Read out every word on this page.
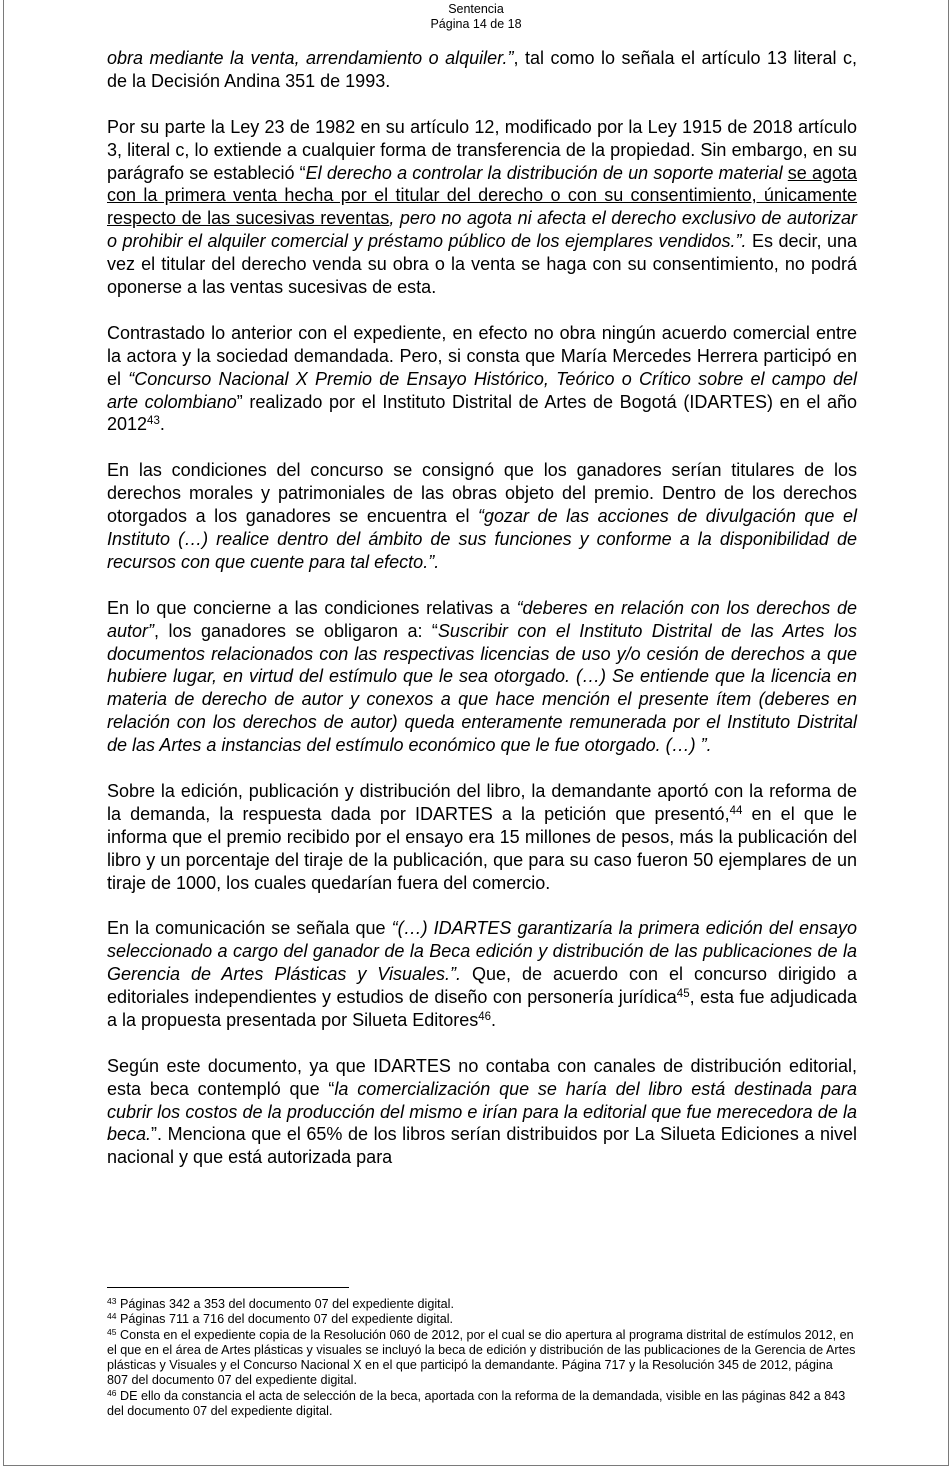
Sentencia
Página 14 de 18

obra mediante la venta, arrendamiento o alquiler.”, tal como lo señala el artículo 13 literal c, de la Decisión Andina 351 de 1993.

Por su parte la Ley 23 de 1982 en su artículo 12, modificado por la Ley 1915 de 2018 artículo 3, literal c, lo extiende a cualquier forma de transferencia de la propiedad. Sin embargo, en su parágrafo se estableció “El derecho a controlar la distribución de un soporte material se agota con la primera venta hecha por el titular del derecho o con su consentimiento, únicamente respecto de las sucesivas reventas, pero no agota ni afecta el derecho exclusivo de autorizar o prohibir el alquiler comercial y préstamo público de los ejemplares vendidos.”. Es decir, una vez el titular del derecho venda su obra o la venta se haga con su consentimiento, no podrá oponerse a las ventas sucesivas de esta.

Contrastado lo anterior con el expediente, en efecto no obra ningún acuerdo comercial entre la actora y la sociedad demandada. Pero, si consta que María Mercedes Herrera participó en el “Concurso Nacional X Premio de Ensayo Histórico, Teórico o Crítico sobre el campo del arte colombiano” realizado por el Instituto Distrital de Artes de Bogotá (IDARTES) en el año 2012$^{43}$.

En las condiciones del concurso se consignó que los ganadores serían titulares de los derechos morales y patrimoniales de las obras objeto del premio. Dentro de los derechos otorgados a los ganadores se encuentra el “gozar de las acciones de divulgación que el Instituto (…) realice dentro del ámbito de sus funciones y conforme a la disponibilidad de recursos con que cuente para tal efecto.”.

En lo que concierne a las condiciones relativas a “deberes en relación con los derechos de autor”, los ganadores se obligaron a: “Suscribir con el Instituto Distrital de las Artes los documentos relacionados con las respectivas licencias de uso y/o cesión de derechos a que hubiere lugar, en virtud del estímulo que le sea otorgado. (…) Se entiende que la licencia en materia de derecho de autor y conexos a que hace mención el presente ítem (deberes en relación con los derechos de autor) queda enteramente remunerada por el Instituto Distrital de las Artes a instancias del estímulo económico que le fue otorgado. (…) ”.

Sobre la edición, publicación y distribución del libro, la demandante aportó con la reforma de la demanda, la respuesta dada por IDARTES a la petición que presentó,$^{44}$ en el que le informa que el premio recibido por el ensayo era 15 millones de pesos, más la publicación del libro y un porcentaje del tiraje de la publicación, que para su caso fueron 50 ejemplares de un tiraje de 1000, los cuales quedarían fuera del comercio.

En la comunicación se señala que “(…) IDARTES garantizaría la primera edición del ensayo seleccionado a cargo del ganador de la Beca edición y distribución de las publicaciones de la Gerencia de Artes Plásticas y Visuales.”. Que, de acuerdo con el concurso dirigido a editoriales independientes y estudios de diseño con personería jurídica$^{45}$, esta fue adjudicada a la propuesta presentada por Silueta Editores$^{46}$.

Según este documento, ya que IDARTES no contaba con canales de distribución editorial, esta beca contempló que “la comercialización que se haría del libro está destinada para cubrir los costos de la producción del mismo e irían para la editorial que fue merecedora de la beca.”. Menciona que el 65% de los libros serían distribuidos por La Silueta Ediciones a nivel nacional y que está autorizada para

$^{43}$ Páginas 342 a 353 del documento 07 del expediente digital.

$^{44}$ Páginas 711 a 716 del documento 07 del expediente digital.

$^{45}$ Consta en el expediente copia de la Resolución 060 de 2012, por el cual se dio apertura al programa distrital de estímulos 2012, en el que en el área de Artes plásticas y visuales se incluyó la beca de edición y distribución de las publicaciones de la Gerencia de Artes plásticas y Visuales y el Concurso Nacional X en el que participó la demandante. Página 717 y la Resolución 345 de 2012, página 807 del documento 07 del expediente digital.

$^{46}$ DE ello da constancia el acta de selección de la beca, aportada con la reforma de la demandada, visible en las páginas 842 a 843 del documento 07 del expediente digital.
